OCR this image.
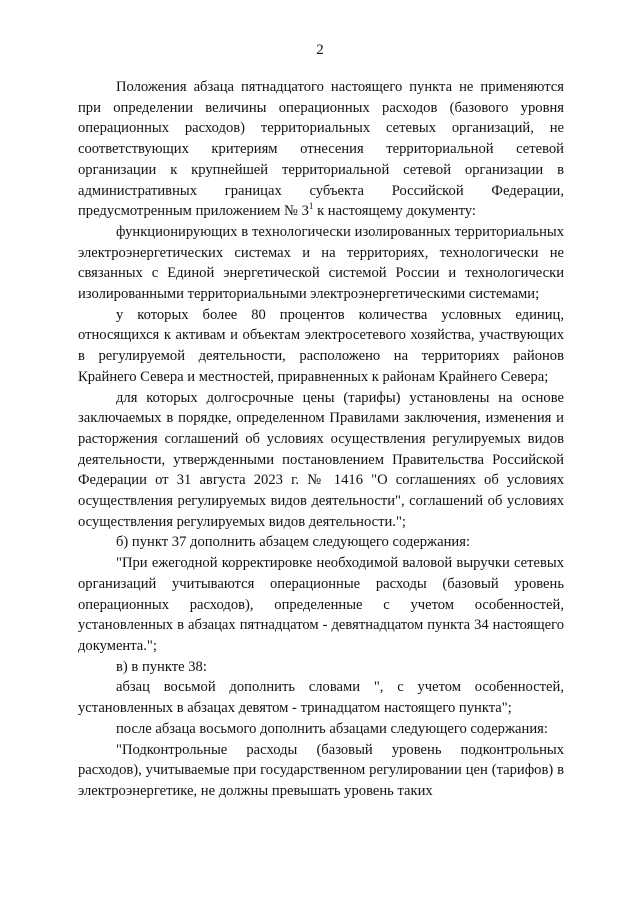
2

Положения абзаца пятнадцатого настоящего пункта не применяются при определении величины операционных расходов (базового уровня операционных расходов) территориальных сетевых организаций, не соответствующих критериям отнесения территориальной сетевой организации к крупнейшей территориальной сетевой организации в административных границах субъекта Российской Федерации, предусмотренным приложением № $3^1$ к настоящему документу:

функционирующих в технологически изолированных территориальных электроэнергетических системах и на территориях, технологически не связанных с Единой энергетической системой России и технологически изолированными территориальными электроэнергетическими системами;

у которых более 80 процентов количества условных единиц, относящихся к активам и объектам электросетевого хозяйства, участвующих в регулируемой деятельности, расположено на территориях районов Крайнего Севера и местностей, приравненных к районам Крайнего Севера;

для которых долгосрочные цены (тарифы) установлены на основе заключаемых в порядке, определенном Правилами заключения, изменения и расторжения соглашений об условиях осуществления регулируемых видов деятельности, утвержденными постановлением Правительства Российской Федерации от 31 августа 2023 г. № 1416 "О соглашениях об условиях осуществления регулируемых видов деятельности", соглашений об условиях осуществления регулируемых видов деятельности.";

б) пункт 37 дополнить абзацем следующего содержания:

"При ежегодной корректировке необходимой валовой выручки сетевых организаций учитываются операционные расходы (базовый уровень операционных расходов), определенные с учетом особенностей, установленных в абзацах пятнадцатом - девятнадцатом пункта 34 настоящего документа.";

в) в пункте 38:

абзац восьмой дополнить словами ", с учетом особенностей, установленных в абзацах девятом - тринадцатом настоящего пункта";

после абзаца восьмого дополнить абзацами следующего содержания:

"Подконтрольные расходы (базовый уровень подконтрольных расходов), учитываемые при государственном регулировании цен (тарифов) в электроэнергетике, не должны превышать уровень таких
